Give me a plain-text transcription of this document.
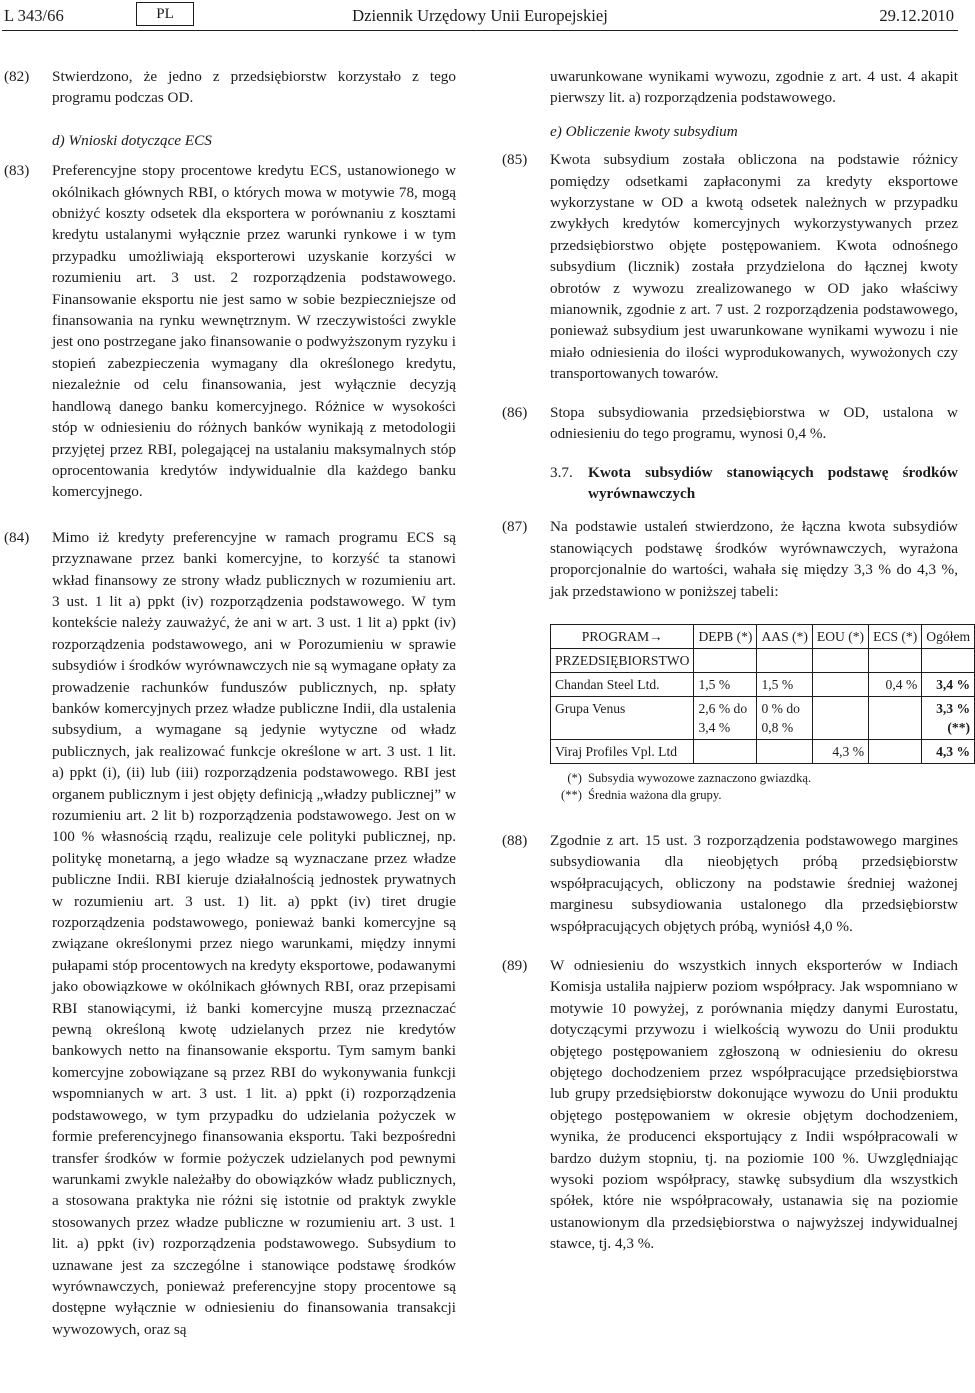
L 343/66	PL	Dziennik Urzędowy Unii Europejskiej	29.12.2010
(82) Stwierdzono, że jedno z przedsiębiorstw korzystało z tego programu podczas OD.
d) Wnioski dotyczące ECS
(83) Preferencyjne stopy procentowe kredytu ECS, ustanowionego w okólnikach głównych RBI, o których mowa w motywie 78, mogą obniżyć koszty odsetek dla eksportera w porównaniu z kosztami kredytu ustalanymi wyłącznie przez warunki rynkowe i w tym przypadku umożliwiają eksporterowi uzyskanie korzyści w rozumieniu art. 3 ust. 2 rozporządzenia podstawowego. Finansowanie eksportu nie jest samo w sobie bezpieczniejsze od finansowania na rynku wewnętrznym. W rzeczywistości zwykle jest ono postrzegane jako finansowanie o podwyższonym ryzyku i stopień zabezpieczenia wymagany dla określonego kredytu, niezależnie od celu finansowania, jest wyłącznie decyzją handlową danego banku komercyjnego. Różnice w wysokości stóp w odniesieniu do różnych banków wynikają z metodologii przyjętej przez RBI, polegającej na ustalaniu maksymalnych stóp oprocentowania kredytów indywidualnie dla każdego banku komercyjnego.
(84) Mimo iż kredyty preferencyjne w ramach programu ECS są przyznawane przez banki komercyjne, to korzyść ta stanowi wkład finansowy ze strony władz publicznych w rozumieniu art. 3 ust. 1 lit a) ppkt (iv) rozporządzenia podstawowego. W tym kontekście należy zauważyć, że ani w art. 3 ust. 1 lit a) ppkt (iv) rozporządzenia podstawowego, ani w Porozumieniu w sprawie subsydiów i środków wyrównawczych nie są wymagane opłaty za prowadzenie rachunków funduszów publicznych, np. spłaty banków komercyjnych przez władze publiczne Indii, dla ustalenia subsydium, a wymagane są jedynie wytyczne od władz publicznych, jak realizować funkcje określone w art. 3 ust. 1 lit. a) ppkt (i), (ii) lub (iii) rozporządzenia podstawowego. RBI jest organem publicznym i jest objęty definicją „władzy publicznej” w rozumieniu art. 2 lit b) rozporządzenia podstawowego. Jest on w 100 % własnością rządu, realizuje cele polityki publicznej, np. politykę monetarną, a jego władze są wyznaczane przez władze publiczne Indii. RBI kieruje działalnością jednostek prywatnych w rozumieniu art. 3 ust. 1) lit. a) ppkt (iv) tiret drugie rozporządzenia podstawowego, ponieważ banki komercyjne są związane określonymi przez niego warunkami, między innymi pułapami stóp procentowych na kredyty eksportowe, podawanymi jako obowiązkowe w okólnikach głównych RBI, oraz przepisami RBI stanowiącymi, iż banki komercyjne muszą przeznaczać pewną określoną kwotę udzielanych przez nie kredytów bankowych netto na finansowanie eksportu. Tym samym banki komercyjne zobowiązane są przez RBI do wykonywania funkcji wspomnianych w art. 3 ust. 1 lit. a) ppkt (i) rozporządzenia podstawowego, w tym przypadku do udzielania pożyczek w formie preferencyjnego finansowania eksportu. Taki bezpośredni transfer środków w formie pożyczek udzielanych pod pewnymi warunkami zwykle należałby do obowiązków władz publicznych, a stosowana praktyka nie różni się istotnie od praktyk zwykle stosowanych przez władze publiczne w rozumieniu art. 3 ust. 1 lit. a) ppkt (iv) rozporządzenia podstawowego. Subsydium to uznawane jest za szczególne i stanowiące podstawę środków wyrównawczych, ponieważ preferencyjne stopy procentowe są dostępne wyłącznie w odniesieniu do finansowania transakcji wywozowych, oraz są
uwarunkowane wynikami wywozu, zgodnie z art. 4 ust. 4 akapit pierwszy lit. a) rozporządzenia podstawowego.
e) Obliczenie kwoty subsydium
(85) Kwota subsydium została obliczona na podstawie różnicy pomiędzy odsetkami zapłaconymi za kredyty eksportowe wykorzystane w OD a kwotą odsetek należnych w przypadku zwykłych kredytów komercyjnych wykorzystywanych przez przedsiębiorstwo objęte postępowaniem. Kwota odnośnego subsydium (licznik) została przydzielona do łącznej kwoty obrotów z wywozu zrealizowanego w OD jako właściwy mianownik, zgodnie z art. 7 ust. 2 rozporządzenia podstawowego, ponieważ subsydium jest uwarunkowane wynikami wywozu i nie miało odniesienia do ilości wyprodukowanych, wywożonych czy transportowanych towarów.
(86) Stopa subsydiowania przedsiębiorstwa w OD, ustalona w odniesieniu do tego programu, wynosi 0,4 %.
3.7. Kwota subsydiów stanowiących podstawę środków wyrównawczych
(87) Na podstawie ustaleń stwierdzono, że łączna kwota subsydiów stanowiących podstawę środków wyrównawczych, wyrażona proporcjonalnie do wartości, wahała się między 3,3 % do 4,3 %, jak przedstawiono w poniższej tabeli:
PROGRAM→	DEPB (*)	AAS (*)	EOU (*)	ECS (*)	Ogółem
PRZEDSIĘBIORSTWO					
Chandan Steel Ltd.	1,5 %	1,5 %		0,4 %	3,4 %
Grupa Venus	2,6 % do 3,4 %	0 % do 0,8 %			3,3 % (**)
Viraj Profiles Vpl. Ltd			4,3 %		4,3 %
(*) Subsydia wywozowe zaznaczono gwiazdką.
(**) Średnia ważona dla grupy.
(88) Zgodnie z art. 15 ust. 3 rozporządzenia podstawowego margines subsydiowania dla nieobjętych próbą przedsiębiorstw współpracujących, obliczony na podstawie średniej ważonej marginesu subsydiowania ustalonego dla przedsiębiorstw współpracujących objętych próbą, wyniósł 4,0 %.
(89) W odniesieniu do wszystkich innych eksporterów w Indiach Komisja ustaliła najpierw poziom współpracy. Jak wspomniano w motywie 10 powyżej, z porównania między danymi Eurostatu, dotyczącymi przywozu i wielkością wywozu do Unii produktu objętego postępowaniem zgłoszoną w odniesieniu do okresu objętego dochodzeniem przez współpracujące przedsiębiorstwa lub grupy przedsiębiorstw dokonujące wywozu do Unii produktu objętego postępowaniem w okresie objętym dochodzeniem, wynika, że producenci eksportujący z Indii współpracowali w bardzo dużym stopniu, tj. na poziomie 100 %. Uwzględniając wysoki poziom współpracy, stawkę subsydium dla wszystkich spółek, które nie współpracowały, ustanawia się na poziomie ustanowionym dla przedsiębiorstwa o najwyższej indywidualnej stawce, tj. 4,3 %.
